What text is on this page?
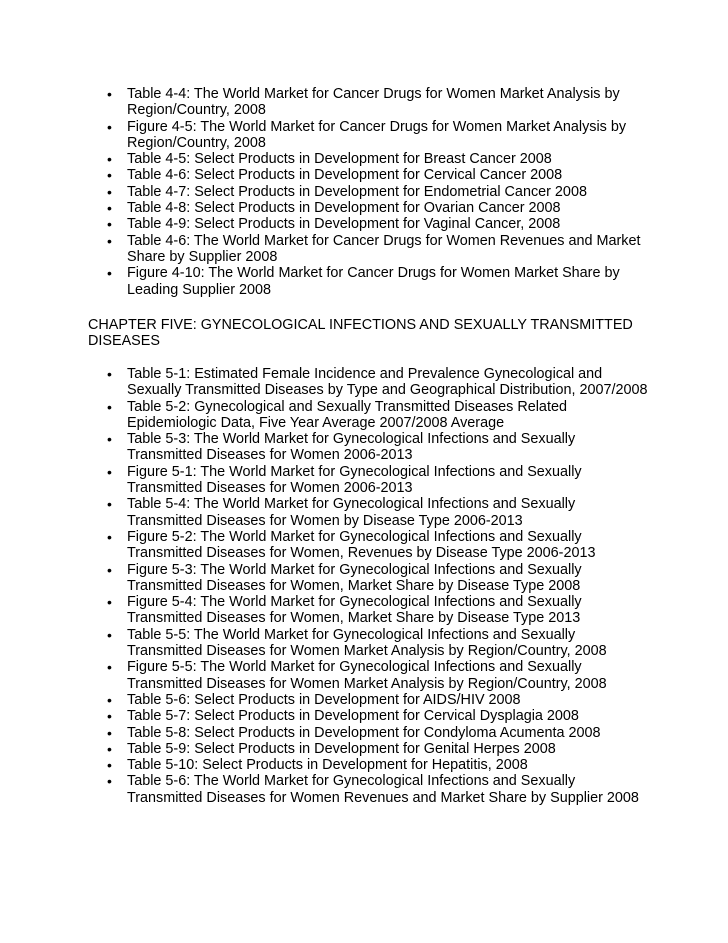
• Table 4-4: The World Market for Cancer Drugs for Women Market Analysis by Region/Country, 2008
• Figure 4-5: The World Market for Cancer Drugs for Women Market Analysis by Region/Country, 2008
• Table 4-5: Select Products in Development for Breast Cancer 2008
• Table 4-6: Select Products in Development for Cervical Cancer 2008
• Table 4-7: Select Products in Development for Endometrial Cancer 2008
• Table 4-8: Select Products in Development for Ovarian Cancer 2008
• Table 4-9: Select Products in Development for Vaginal Cancer, 2008
• Table 4-6: The World Market for Cancer Drugs for Women Revenues and Market Share by Supplier 2008
• Figure 4-10: The World Market for Cancer Drugs for Women Market Share by Leading Supplier 2008
CHAPTER FIVE: GYNECOLOGICAL INFECTIONS AND SEXUALLY TRANSMITTED DISEASES
• Table 5-1: Estimated Female Incidence and Prevalence Gynecological and Sexually Transmitted Diseases by Type and Geographical Distribution, 2007/2008
• Table 5-2: Gynecological and Sexually Transmitted Diseases Related Epidemiologic Data, Five Year Average 2007/2008 Average
• Table 5-3: The World Market for Gynecological Infections and Sexually Transmitted Diseases for Women 2006-2013
• Figure 5-1: The World Market for Gynecological Infections and Sexually Transmitted Diseases for Women 2006-2013
• Table 5-4: The World Market for Gynecological Infections and Sexually Transmitted Diseases for Women by Disease Type 2006-2013
• Figure 5-2: The World Market for Gynecological Infections and Sexually Transmitted Diseases for Women, Revenues by Disease Type 2006-2013
• Figure 5-3: The World Market for Gynecological Infections and Sexually Transmitted Diseases for Women, Market Share by Disease Type 2008
• Figure 5-4: The World Market for Gynecological Infections and Sexually Transmitted Diseases for Women, Market Share by Disease Type 2013
• Table 5-5: The World Market for Gynecological Infections and Sexually Transmitted Diseases for Women Market Analysis by Region/Country, 2008
• Figure 5-5: The World Market for Gynecological Infections and Sexually Transmitted Diseases for Women Market Analysis by Region/Country, 2008
• Table 5-6: Select Products in Development for AIDS/HIV 2008
• Table 5-7: Select Products in Development for Cervical Dysplagia 2008
• Table 5-8: Select Products in Development for Condyloma Acumenta 2008
• Table 5-9: Select Products in Development for Genital Herpes 2008
• Table 5-10: Select Products in Development for Hepatitis, 2008
• Table 5-6: The World Market for Gynecological Infections and Sexually Transmitted Diseases for Women Revenues and Market Share by Supplier 2008
